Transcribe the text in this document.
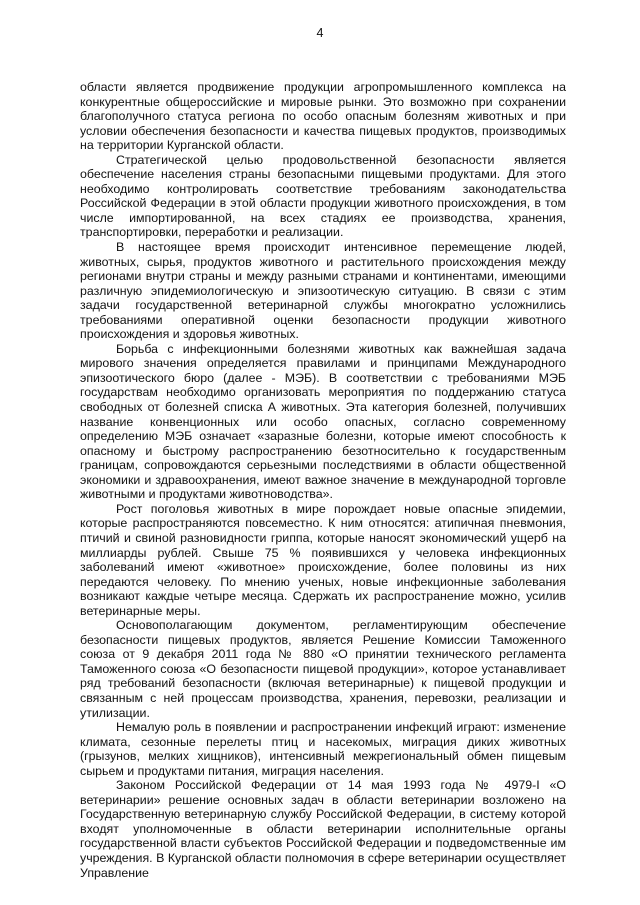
4

области является продвижение продукции агропромышленного комплекса на конкурентные общероссийские и мировые рынки. Это возможно при сохранении благополучного статуса региона по особо опасным болезням животных и при условии обеспечения безопасности и качества пищевых продуктов, производимых на территории Курганской области.

Стратегической целью продовольственной безопасности является обеспечение населения страны безопасными пищевыми продуктами. Для этого необходимо контролировать соответствие требованиям законодательства Российской Федерации в этой области продукции животного происхождения, в том числе импортированной, на всех стадиях ее производства, хранения, транспортировки, переработки и реализации.

В настоящее время происходит интенсивное перемещение людей, животных, сырья, продуктов животного и растительного происхождения между регионами внутри страны и между разными странами и континентами, имеющими различную эпидемиологическую и эпизоотическую ситуацию. В связи с этим задачи государственной ветеринарной службы многократно усложнились требованиями оперативной оценки безопасности продукции животного происхождения и здоровья животных.

Борьба с инфекционными болезнями животных как важнейшая задача мирового значения определяется правилами и принципами Международного эпизоотического бюро (далее - МЭБ). В соответствии с требованиями МЭБ государствам необходимо организовать мероприятия по поддержанию статуса свободных от болезней списка А животных. Эта категория болезней, получивших название конвенционных или особо опасных, согласно современному определению МЭБ означает «заразные болезни, которые имеют способность к опасному и быстрому распространению безотносительно к государственным границам, сопровождаются серьезными последствиями в области общественной экономики и здравоохранения, имеют важное значение в международной торговле животными и продуктами животноводства».

Рост поголовья животных в мире порождает новые опасные эпидемии, которые распространяются повсеместно. К ним относятся: атипичная пневмония, птичий и свиной разновидности гриппа, которые наносят экономический ущерб на миллиарды рублей. Свыше 75 % появившихся у человека инфекционных заболеваний имеют «животное» происхождение, более половины из них передаются человеку. По мнению ученых, новые инфекционные заболевания возникают каждые четыре месяца. Сдержать их распространение можно, усилив ветеринарные меры.

Основополагающим документом, регламентирующим обеспечение безопасности пищевых продуктов, является Решение Комиссии Таможенного союза от 9 декабря 2011 года № 880 «О принятии технического регламента Таможенного союза «О безопасности пищевой продукции», которое устанавливает ряд требований безопасности (включая ветеринарные) к пищевой продукции и связанным с ней процессам производства, хранения, перевозки, реализации и утилизации.

Немалую роль в появлении и распространении инфекций играют: изменение климата, сезонные перелеты птиц и насекомых, миграция диких животных (грызунов, мелких хищников), интенсивный межрегиональный обмен пищевым сырьем и продуктами питания, миграция населения.

Законом Российской Федерации от 14 мая 1993 года № 4979-I «О ветеринарии» решение основных задач в области ветеринарии возложено на Государственную ветеринарную службу Российской Федерации, в систему которой входят уполномоченные в области ветеринарии исполнительные органы государственной власти субъектов Российской Федерации и подведомственные им учреждения. В Курганской области полномочия в сфере ветеринарии осуществляет Управление
